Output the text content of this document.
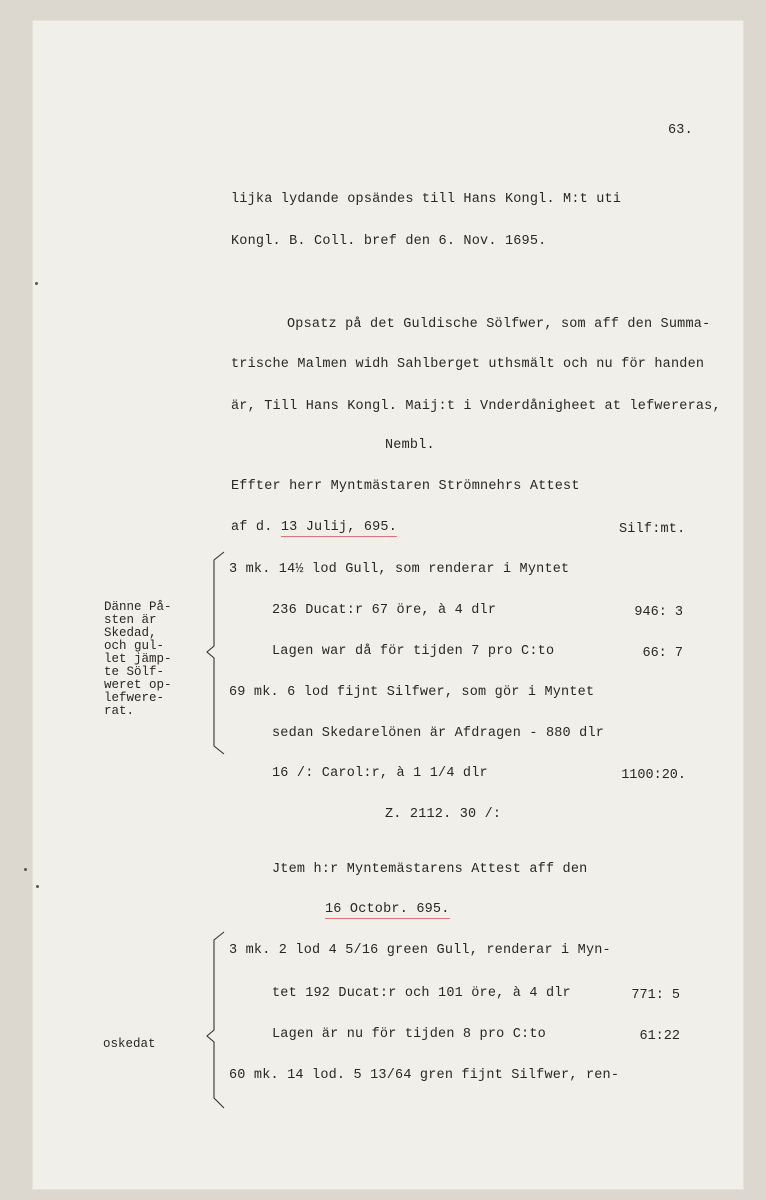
63.
lijka lydande opsändes till Hans Kongl. M:t uti
Kongl. B. Coll. bref den 6. Nov. 1695.
Opsatz på det Guldische Sölfwer, som aff den Summa-
trische Malmen widh Sahlberget uthsmält och nu för handen
är, Till Hans Kongl. Maij:t i Vnderdånigheet at lefwereras,
Nembl.
Effter herr Myntmästaren Strömnehrs Attest
af d. 13 Julij, 695.	Silf:mt.
Dänne På-
sten är
Skedad,
och gul-
let jämp-
te Sölf-
weret op-
lefwere-
rat.
3 mk. 14½ lod Gull, som renderar i Myntet
236 Ducat:r 67 öre, à 4 dlr	946: 3
Lagen war då för tijden 7 pro C:to	66: 7
69 mk. 6 lod fijnt Silfwer, som gör i Myntet
sedan Skedarelönen är Afdragen - 880 dlr
16 /: Carol:r, à 1 1/4 dlr	1100:20.
Z. 2112. 30 /:
Jtem h:r Myntemästarens Attest aff den
16 Octobr. 695.
oskedat
3 mk. 2 lod 4 5/16 green Gull, renderar i Myn-
tet 192 Ducat:r och 101 öre, à 4 dlr	771: 5
Lagen är nu för tijden 8 pro C:to	61:22
60 mk. 14 lod. 5 13/64 gren fijnt Silfwer, ren-
